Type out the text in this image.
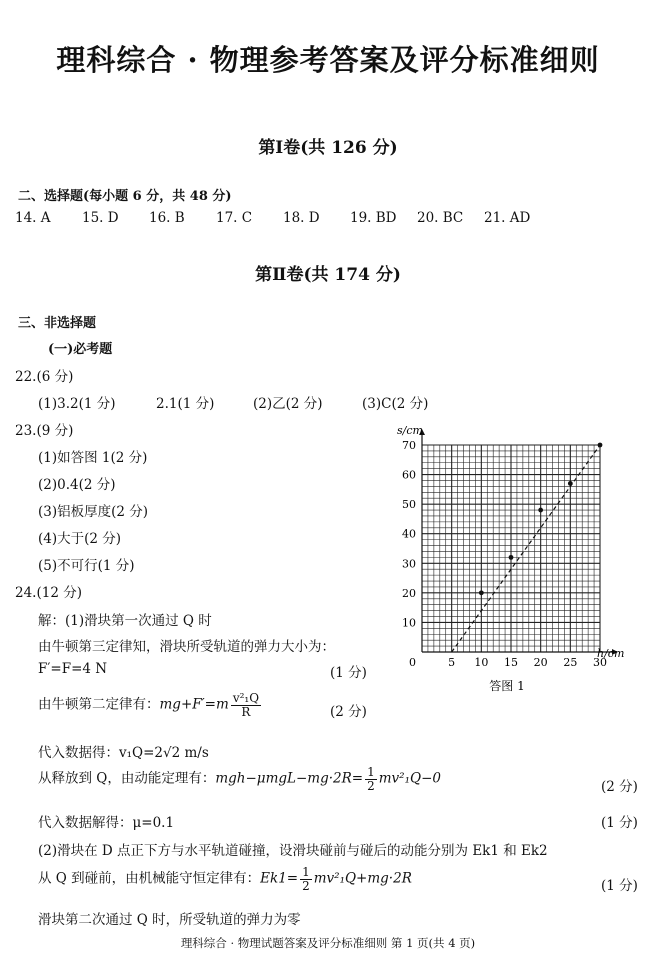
理科综合 · 物理参考答案及评分标准细则
第Ⅰ卷(共 126 分)
二、选择题(每小题 6 分，共 48 分)
14. A 15. D 16. B 17. C 18. D 19. BD 20. BC 21. AD
第Ⅱ卷(共 174 分)
三、非选择题
(一)必考题
22.(6 分)
(1)3.2(1 分)	2.1(1 分)	(2)乙(2 分)	(3)C(2 分)
23.(9 分)
(1)如答图 1(2 分)
(2)0.4(2 分)
(3)铝板厚度(2 分)
(4)大于(2 分)
(5)不可行(1 分)
5 10 15 20 25 30
10
20
30
40
50
60
70
s/cm
h/cm
0
答图 1
24.(12 分)
解：(1)滑块第一次通过 Q 时
由牛顿第三定律知，滑块所受轨道的弹力大小为：
F′=F=4 N	(1 分)
由牛顿第二定律有：$mg+F'=m \frac{\text{v²₁Q}}{R}$	(2 分)
代入数据得：v₁Q=2√2 m/s
从释放到 Q，由动能定理有：$mgh-\mu mgL-mg\cdot 2R= \frac{1}{2} mv^2_1Q-0$
(2 分)
代入数据解得：μ=0.1	(1 分)
(2)滑块在 D 点正下方与水平轨道碰撞，设滑块碰前与碰后的动能分别为 Ek1 和 Ek2
从 Q 到碰前，由机械能守恒定律有：$Ek1= \frac{1}{2} mv^2_1Q+mg\cdot 2R$	(1 分)
滑块第二次通过 Q 时，所受轨道的弹力为零
理科综合 · 物理试题答案及评分标准细则 第 1 页(共 4 页)
